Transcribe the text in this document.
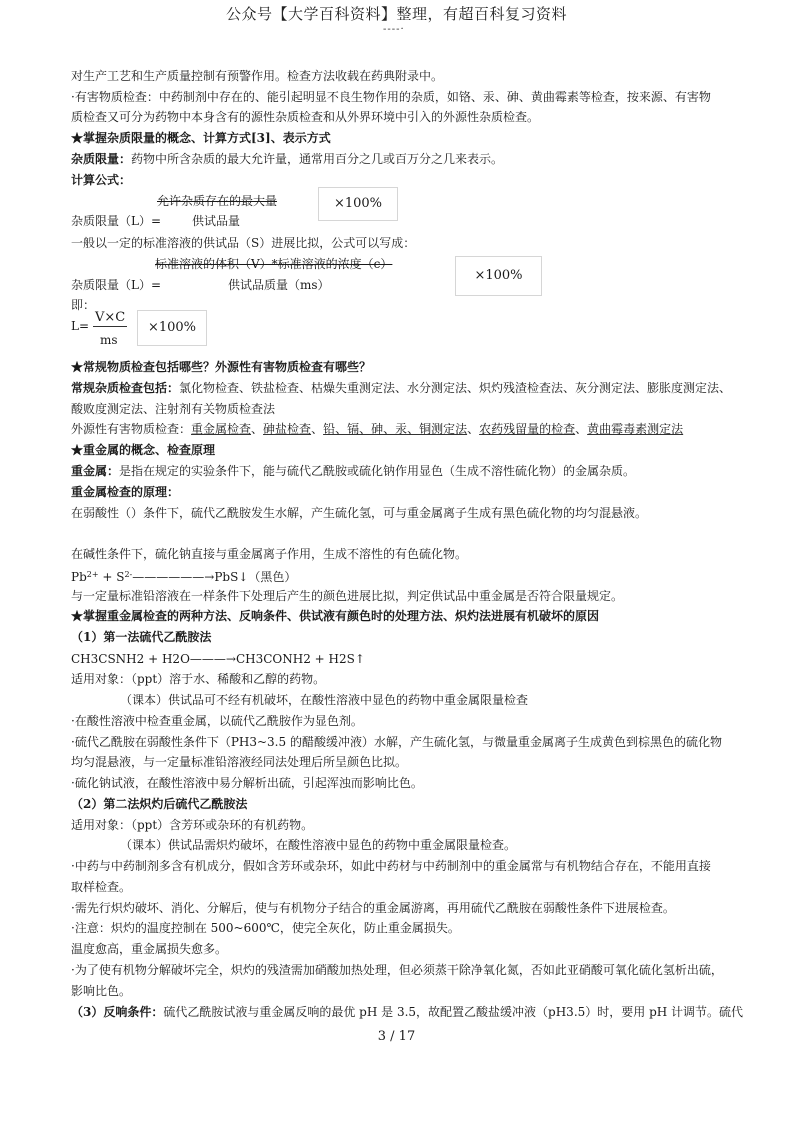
公众号【大学百科资料】整理，有超百科复习资料
----·
对生产工艺和生产质量控制有预警作用。检查方法收载在药典附录中。
·有害物质检查：中药制剂中存在的、能引起明显不良生物作用的杂质，如铬、汞、砷、黄曲霉素等检查，按来源、有害物
质检查又可分为药物中本身含有的源性杂质检查和从外界环境中引入的外源性杂质检查。
★掌握杂质限量的概念、计算方式[3]、表示方式
杂质限量：药物中所含杂质的最大允许量，通常用百分之几或百万分之几来表示。
计算公式：
允许杂质存在的最大量	×100%
杂质限量（L）=	供试品量
一般以一定的标准溶液的供试品（S）进展比拟，公式可以写成：
标准溶液的体积（V）*标准溶液的浓度（c）
×100%
杂质限量（L）=	供试品质量（ms）
即：
L=
V×C
ms
×100%
★常规物质检查包括哪些？外源性有害物质检查有哪些？
常规杂质检查包括：氯化物检查、铁盐检查、枯燥失重测定法、水分测定法、炽灼残渣检查法、灰分测定法、膨胀度测定法、
酸败度测定法、注射剂有关物质检查法
外源性有害物质检查：重金属检查、砷盐检查、铅、镉、砷、汞、铜测定法、农药残留量的检查、黄曲霉毒素测定法
★重金属的概念、检查原理
重金属：是指在规定的实验条件下，能与硫代乙酰胺或硫化钠作用显色（生成不溶性硫化物）的金属杂质。
重金属检查的原理：
在弱酸性（）条件下，硫代乙酰胺发生水解，产生硫化氢，可与重金属离子生成有黑色硫化物的均匀混悬液。
在碱性条件下，硫化钠直接与重金属离子作用，生成不溶性的有色硫化物。
$Pb^{2+}$ + $S^{2-}——————\to PbS↓$（黑色）
与一定量标准铅溶液在一样条件下处理后产生的颜色进展比拟，判定供试品中重金属是否符合限量规定。
★掌握重金属检查的两种方法、反响条件、供试液有颜色时的处理方法、炽灼法进展有机破坏的原因
（1）第一法硫代乙酰胺法
CH3CSNH2 + H2O———→CH3CONH2 + H2S↑
适用对象：（ppt）溶于水、稀酸和乙醇的药物。
（课本）供试品可不经有机破坏，在酸性溶液中显色的药物中重金属限量检查
·在酸性溶液中检查重金属，以硫代乙酰胺作为显色剂。
·硫代乙酰胺在弱酸性条件下（PH3~3.5 的醋酸缓冲液）水解，产生硫化氢，与微量重金属离子生成黄色到棕黑色的硫化物
均匀混悬液，与一定量标准铅溶液经同法处理后所呈颜色比拟。
·硫化钠试液，在酸性溶液中易分解析出硫，引起浑浊而影响比色。
（2）第二法炽灼后硫代乙酰胺法
适用对象：（ppt）含芳环或杂环的有机药物。
（课本）供试品需炽灼破坏，在酸性溶液中显色的药物中重金属限量检查。
·中药与中药制剂多含有机成分，假如含芳环或杂环，如此中药材与中药制剂中的重金属常与有机物结合存在，不能用直接
取样检查。
·需先行炽灼破坏、消化、分解后，使与有机物分子结合的重金属游离，再用硫代乙酰胺在弱酸性条件下进展检查。
·注意：炽灼的温度控制在 500~600℃，使完全灰化，防止重金属损失。
温度愈高，重金属损失愈多。
·为了使有机物分解破坏完全，炽灼的残渣需加硝酸加热处理，但必须蒸干除净氧化氮，否如此亚硝酸可氧化硫化氢析出硫，
影响比色。
（3）反响条件：硫代乙酰胺试液与重金属反响的最优 pH 是 3.5，故配置乙酸盐缓冲液（pH3.5）时，要用 pH 计调节。硫代
3 / 17
